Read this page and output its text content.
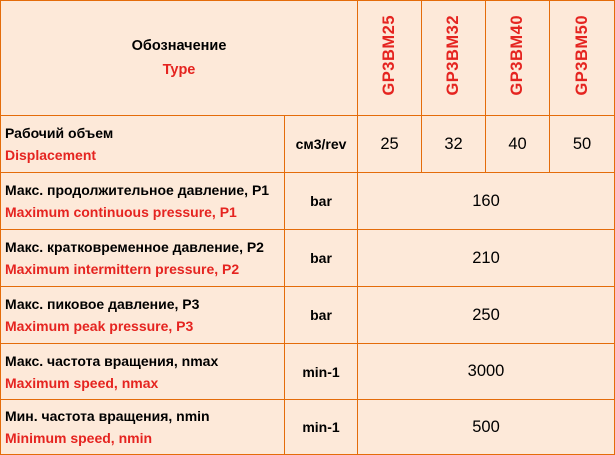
Обозначение
Type		GP3BM25	GP3BM32	GP3BM40	GP3BM50

Рабочий объем
Displacement	см3/rev	25	32	40	50

Макс. продолжительное давление, P1
Maximum continuous pressure, P1	bar	160			

Макс. кратковременное давление, P2
Maximum intermittern pressure, P2	bar	210			

Макс. пиковое давление, P3
Maximum peak pressure, P3	bar	250			

Макс. частота вращения, nmax
Maximum speed, nmax	min-1	3000			

Мин. частота вращения, nmin
Minimum speed, nmin	min-1	500			
